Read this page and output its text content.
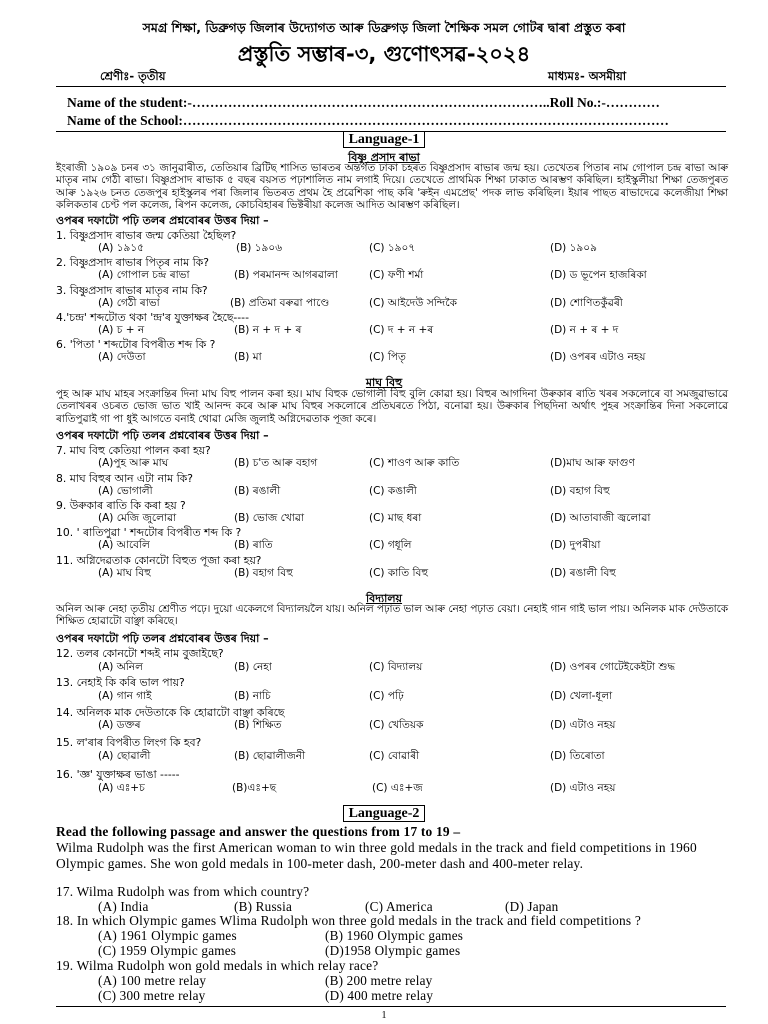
সমগ্ৰ শিক্ষা, ডিব্ৰুগড় জিলাৰ উদ্যোগত আৰু ডিব্ৰুগড় জিলা শৈক্ষিক সমল গোটৰ দ্বাৰা প্ৰস্তুত কৰা
প্ৰস্তুতি সম্ভাৰ-৩, গুণোৎসৱ-২০২৪
শ্ৰেণীঃ- তৃতীয়	মাধ্যমঃ- অসমীয়া
Name of the student:-……………………………………………………………………..Roll No.:-…………
Name of the School:………………………………………………………………………………………………
Language-1
বিষ্ণু প্ৰসাদ ৰাভা
ইংৰাজী ১৯০৯ চনৰ ৩১ জানুৱাৰীত, তেতিয়াৰ ব্ৰিটিছ শাসিত ভাৰতৰ অন্তৰ্গত ঢাকা চহৰত বিষ্ণুপ্ৰসাদ ৰাভাৰ জন্ম হয়। তেখেতৰ পিতাৰ নাম গোপাল চন্দ্ৰ ৰাভা আৰু মাতৃৰ নাম গেঠী ৰাভা। বিষ্ণুপ্ৰসাদ ৰাভাক ৫ বছৰ বয়সত পঢ়াশালিত নাম লগাই দিয়ে। তেখেতে প্ৰাথমিক শিক্ষা ঢাকাত আৰম্ভণ কৰিছিল। হাইস্কুলীয়া শিক্ষা তেজপুৰত আৰু ১৯২৬ চনত তেজপুৰ হাইস্কুলৰ পৰা জিলাৰ ভিতৰত প্ৰথম হৈ প্ৰৱেশিকা পাছ কৰি 'ৰুইন এমপ্ৰেছ' পদক লাভ কৰিছিল। ইয়াৰ পাছত ৰাভাদেৱে কলেজীয়া শিক্ষা কলিকতাৰ চেণ্ট পল কলেজ, ৰিপন কলেজ, কোচবিহাৰৰ ভিক্টৰীয়া কলেজ আদিত আৰম্ভণ কৰিছিল।
ওপৰৰ দফাটো পঢ়ি তলৰ প্ৰশ্নবোৰৰ উত্তৰ দিয়া –
1. বিষ্ণুপ্ৰসাদ ৰাভাৰ জন্ম কেতিয়া হৈছিল?
(A) ১৯১৫	(B) ১৯০৬	(C) ১৯০৭	(D) ১৯০৯
2. বিষ্ণুপ্ৰসাদ ৰাভাৰ পিতৃৰ নাম কি?
(A) গোপাল চন্দ্ৰ ৰাভা	(B) পৰমানন্দ আগৰৱালা	(C) ফণী শৰ্মা	(D) ড ভূপেন হাজৰিকা
3. বিষ্ণুপ্ৰসাদ ৰাভাৰ মাতৃৰ নাম কি?
(A) গেঠী ৰাভা	(B) প্ৰতিমা বৰুৱা পাণ্ডে	(C) আইদেউ সন্দিকৈ	(D) শোণিতকুঁৱৰী
4.'চন্দ্ৰ' শব্দটোত থকা 'ন্দ্ৰ'ৰ যুক্তাক্ষৰ হৈছে----
(A) চ + ন	(B) ন + দ + ৰ	(C) দ + ন +ৰ	(D) ন + ৰ + দ
6. 'পিতা ' শব্দটোৰ বিপৰীত শব্দ কি ?
(A) দেউতা	(B) মা	(C) পিতৃ	(D) ওপৰৰ এটাও নহয়
মাঘ বিহু
পুহ আৰু মাঘ মাহৰ সংক্ৰান্তিৰ দিনা মাঘ বিহু পালন কৰা হয়। মাঘ বিহুক ভোগালী বিহু বুলি কোৱা হয়। বিহুৰ আগদিনা উৰুকাৰ ৰাতি খৰৰ সকলোৰে বা সমজুৱাভাৱে তেলাখৰৰ ওচৰত ভোজ ভাত খাই আনন্দ কৰে আৰু মাঘ বিহুৰ সকলোৰে প্ৰতিঘৰতে পিঠা, বনোৱা হয়। উৰুকাৰ পিছদিনা অৰ্থাৎ পুহৰ সংক্ৰান্তিৰ দিনা সকলোৱে ৰাতিপুৱাই গা পা ধুই আগতে বনাই থোৱা মেজি জুলাই অগ্নিদেৱতাক পূজা কৰে।
ওপৰৰ দফাটো পঢ়ি তলৰ প্ৰশ্নবোৰৰ উত্তৰ দিয়া –
7. মাঘ বিহু কেতিয়া পালন কৰা হয়?
(A)পুহ আৰু মাঘ	(B) চ'ত আৰু বহাগ	(C) শাওণ আৰু কাতি	(D)মাঘ আৰু ফাগুণ
8. মাঘ বিহুৰ আন এটা নাম কি?
(A) ভোগালী	(B) ৰঙালী	(C) কঙালী	(D) বহাগ বিহু
9. উৰুকাৰ ৰাতি কি কৰা হয় ?
(A) মেজি জুলোৱা	(B) ভোজ খোৱা	(C) মাছ ধৰা	(D) আতাবাজী জ্বলোৱা
10. ' ৰাতিপুৱা ' শব্দটোৰ বিপৰীত শব্দ কি ?
(A) আবেলি	(B) ৰাতি	(C) গধূলি	(D) দুপৰীয়া
11. অগ্নিদেৱতাক কোনটো বিহুত পূজা কৰা হয়?
(A) মাঘ বিহু	(B) বহাগ বিহু	(C) কাতি বিহু	(D) ৰঙালী বিহু
বিদ্যালয়
অনিল আৰু নেহা তৃতীয় শ্ৰেণীত পঢ়ে। দুয়ো একেলগে বিদ্যালয়লৈ যায়। অনিল পঢ়াত ভাল আৰু নেহা পঢ়াত বেয়া। নেহাই গান গাই ভাল পায়। অনিলক মাক দেউতাকে শিক্ষিত হোৱাটো বাঞ্ছা কৰিছে।
ওপৰৰ দফাটো পঢ়ি তলৰ প্ৰশ্নবোৰৰ উত্তৰ দিয়া –
12. তলৰ কোনটো শব্দই নাম বুজাইছে?
(A) অনিল	(B) নেহা	(C) বিদ্যালয়	(D) ওপৰৰ গোটেইকেইটা শুদ্ধ
13. নেহাই কি কৰি ভাল পায়?
(A) গান গাই	(B) নাচি	(C) পঢ়ি	(D) খেলা-ধূলা
14. অনিলক মাক দেউতাকে কি হোৱাটো বাঞ্ছা কৰিছে
(A) ডক্তৰ	(B) শিক্ষিত	(C) খেতিয়ক	(D) এটাও নহয়
15. ল'ৰাৰ বিপৰীত লিংগ কি হব?
(A) ছোৱালী	(B) ছোৱালীজনী	(C) বোৱাৰী	(D) তিৰোতা
16. 'জ্ঞ' যুক্তাক্ষৰ ভাঙা -----
(A) এঃ+চ	(B)এঃ+ছ	(C) এঃ+জ	(D) এটাও নহয়
Language-2
Read the following passage and answer the questions from 17 to 19 –
Wilma Rudolph was the first American woman to win three gold medals in the track and field competitions in 1960 Olympic games. She won gold medals in 100-meter dash, 200-meter dash and 400-meter relay.
17. Wilma Rudolph was from which country?
(A) India	(B) Russia	(C) America	(D) Japan
18. In which Olympic games Wlima Rudolph won three gold medals in the track and field competitions ?
(A) 1961 Olympic games	(B) 1960 Olympic games
(C) 1959 Olympic games	(D)1958 Olympic games
19. Wilma Rudolph won gold medals in which relay race?
(A) 100 metre relay	(B) 200 metre relay
(C) 300 metre relay	(D) 400 metre relay
1
